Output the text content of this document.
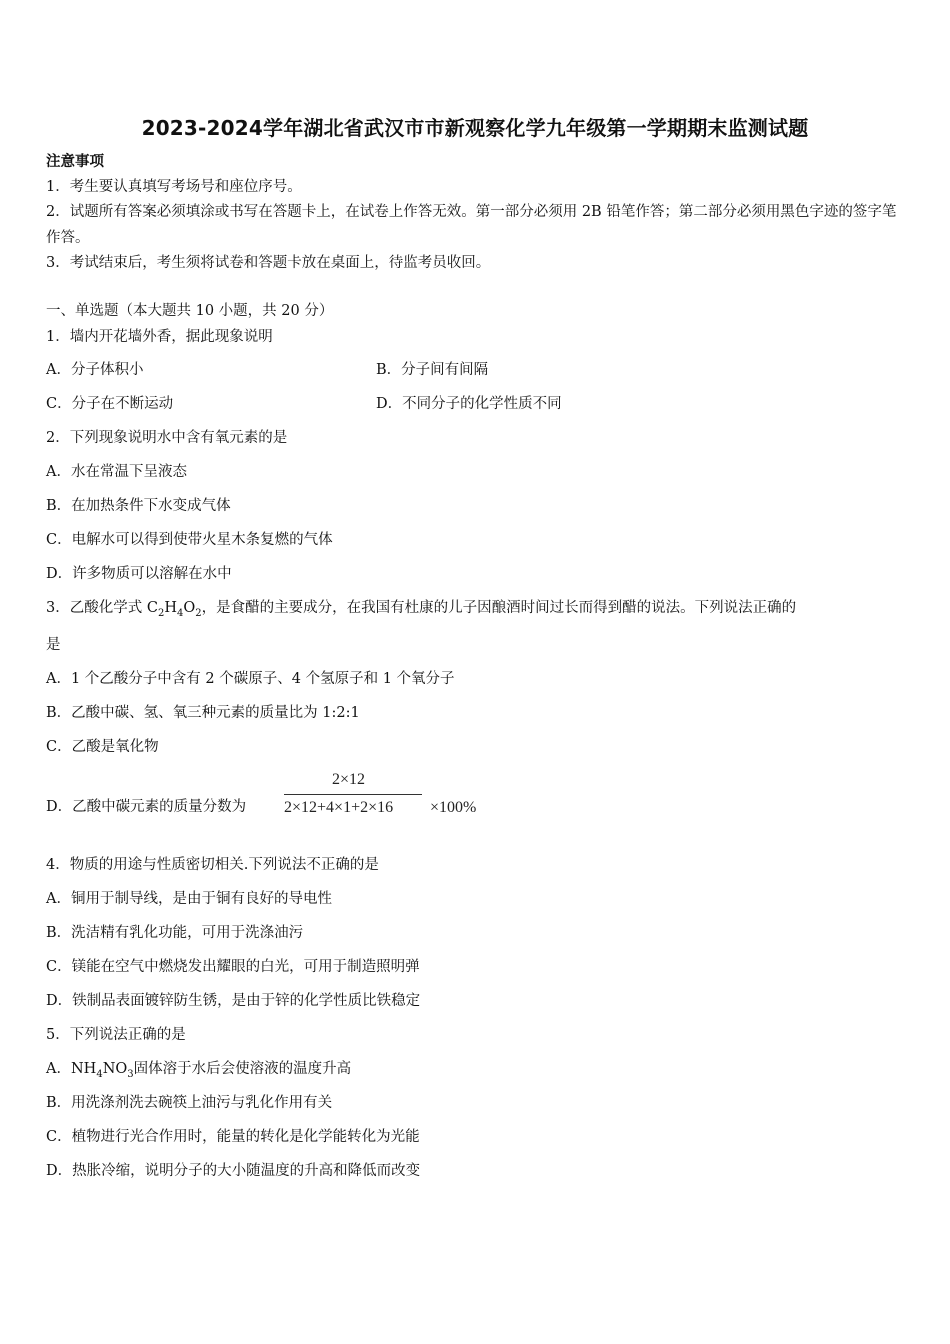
2023-2024学年湖北省武汉市市新观察化学九年级第一学期期末监测试题
注意事项
1．考生要认真填写考场号和座位序号。
2．试题所有答案必须填涂或书写在答题卡上，在试卷上作答无效。第一部分必须用 2B 铅笔作答；第二部分必须用黑色字迹的签字笔作答。
3．考试结束后，考生须将试卷和答题卡放在桌面上，待监考员收回。
一、单选题（本大题共 10 小题，共 20 分）
1．墙内开花墙外香，据此现象说明
A．分子体积小	B．分子间有间隔
C．分子在不断运动	D．不同分子的化学性质不同
2．下列现象说明水中含有氧元素的是
A．水在常温下呈液态
B．在加热条件下水变成气体
C．电解水可以得到使带火星木条复燃的气体
D．许多物质可以溶解在水中
3．乙酸化学式 $C_2H_4O_2$，是食醋的主要成分，在我国有杜康的儿子因酿酒时间过长而得到醋的说法。下列说法正确的
是
A．1 个乙酸分子中含有 2 个碳原子、4 个氢原子和 1 个氧分子
B．乙酸中碳、氢、氧三种元素的质量比为 1:2:1
C．乙酸是氧化物
D．乙酸中碳元素的质量分数为
2×12
2×12+4×1+2×16 ×100%
4．物质的用途与性质密切相关.下列说法不正确的是
A．铜用于制导线，是由于铜有良好的导电性
B．洗洁精有乳化功能，可用于洗涤油污
C．镁能在空气中燃烧发出耀眼的白光，可用于制造照明弹
D．铁制品表面镀锌防生锈，是由于锌的化学性质比铁稳定
5．下列说法正确的是
A．$NH_4NO_3$固体溶于水后会使溶液的温度升高
B．用洗涤剂洗去碗筷上油污与乳化作用有关
C．植物进行光合作用时，能量的转化是化学能转化为光能
D．热胀冷缩，说明分子的大小随温度的升高和降低而改变
